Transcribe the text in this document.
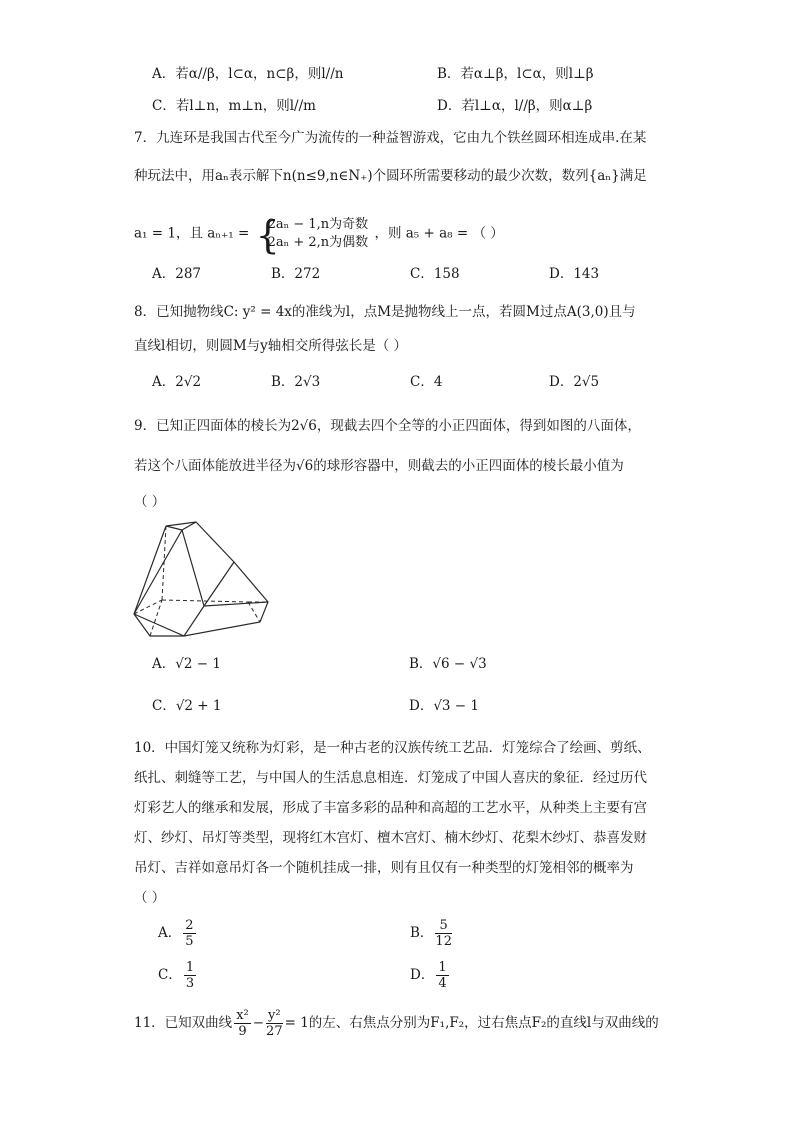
A．若α//β，l⊂α，n⊂β，则l//n	B．若α⊥β，l⊂α，则l⊥β
C．若l⊥n，m⊥n，则l//m	D．若l⊥α，l//β，则α⊥β
7．九连环是我国古代至今广为流传的一种益智游戏，它由九个铁丝圆环相连成串.在某
种玩法中，用aₙ表示解下n(n≤9,n∈N₊)个圆环所需要移动的最少次数，数列{aₙ}满足
a₁ = 1，且 aₙ₊₁ = {
2aₙ − 1,n为奇数
2aₙ + 2,n为偶数
，则 a₅ + a₈ = （ ）
A．287	B．272	C．158	D．143
8．已知抛物线C: y² = 4x的准线为l，点M是抛物线上一点，若圆M过点A(3,0)且与
直线l相切，则圆M与y轴相交所得弦长是（ ）
A．2√2	B．2√3	C．4	D．2√5
9．已知正四面体的棱长为2√6，现截去四个全等的小正四面体，得到如图的八面体，
若这个八面体能放进半径为√6的球形容器中，则截去的小正四面体的棱长最小值为
（ ）
A．√2 − 1	B．√6 − √3
C．√2 + 1	D．√3 − 1
10．中国灯笼又统称为灯彩，是一种古老的汉族传统工艺品．灯笼综合了绘画、剪纸、
纸扎、刺缝等工艺，与中国人的生活息息相连．灯笼成了中国人喜庆的象征．经过历代
灯彩艺人的继承和发展，形成了丰富多彩的品种和高超的工艺水平，从种类上主要有宫
灯、纱灯、吊灯等类型，现将红木宫灯、檀木宫灯、楠木纱灯、花梨木纱灯、恭喜发财
吊灯、吉祥如意吊灯各一个随机挂成一排，则有且仅有一种类型的灯笼相邻的概率为
（ ）
A． $\frac{2}{5}$	B． $\frac{5}{12}$
C． $\frac{1}{3}$	D． $\frac{1}{4}$
11．已知双曲线 $\frac{\text{x²}}{9} - \frac{\text{y²}}{27} = 1$的左、右焦点分别为F₁,F₂，过右焦点F₂的直线l与双曲线的
